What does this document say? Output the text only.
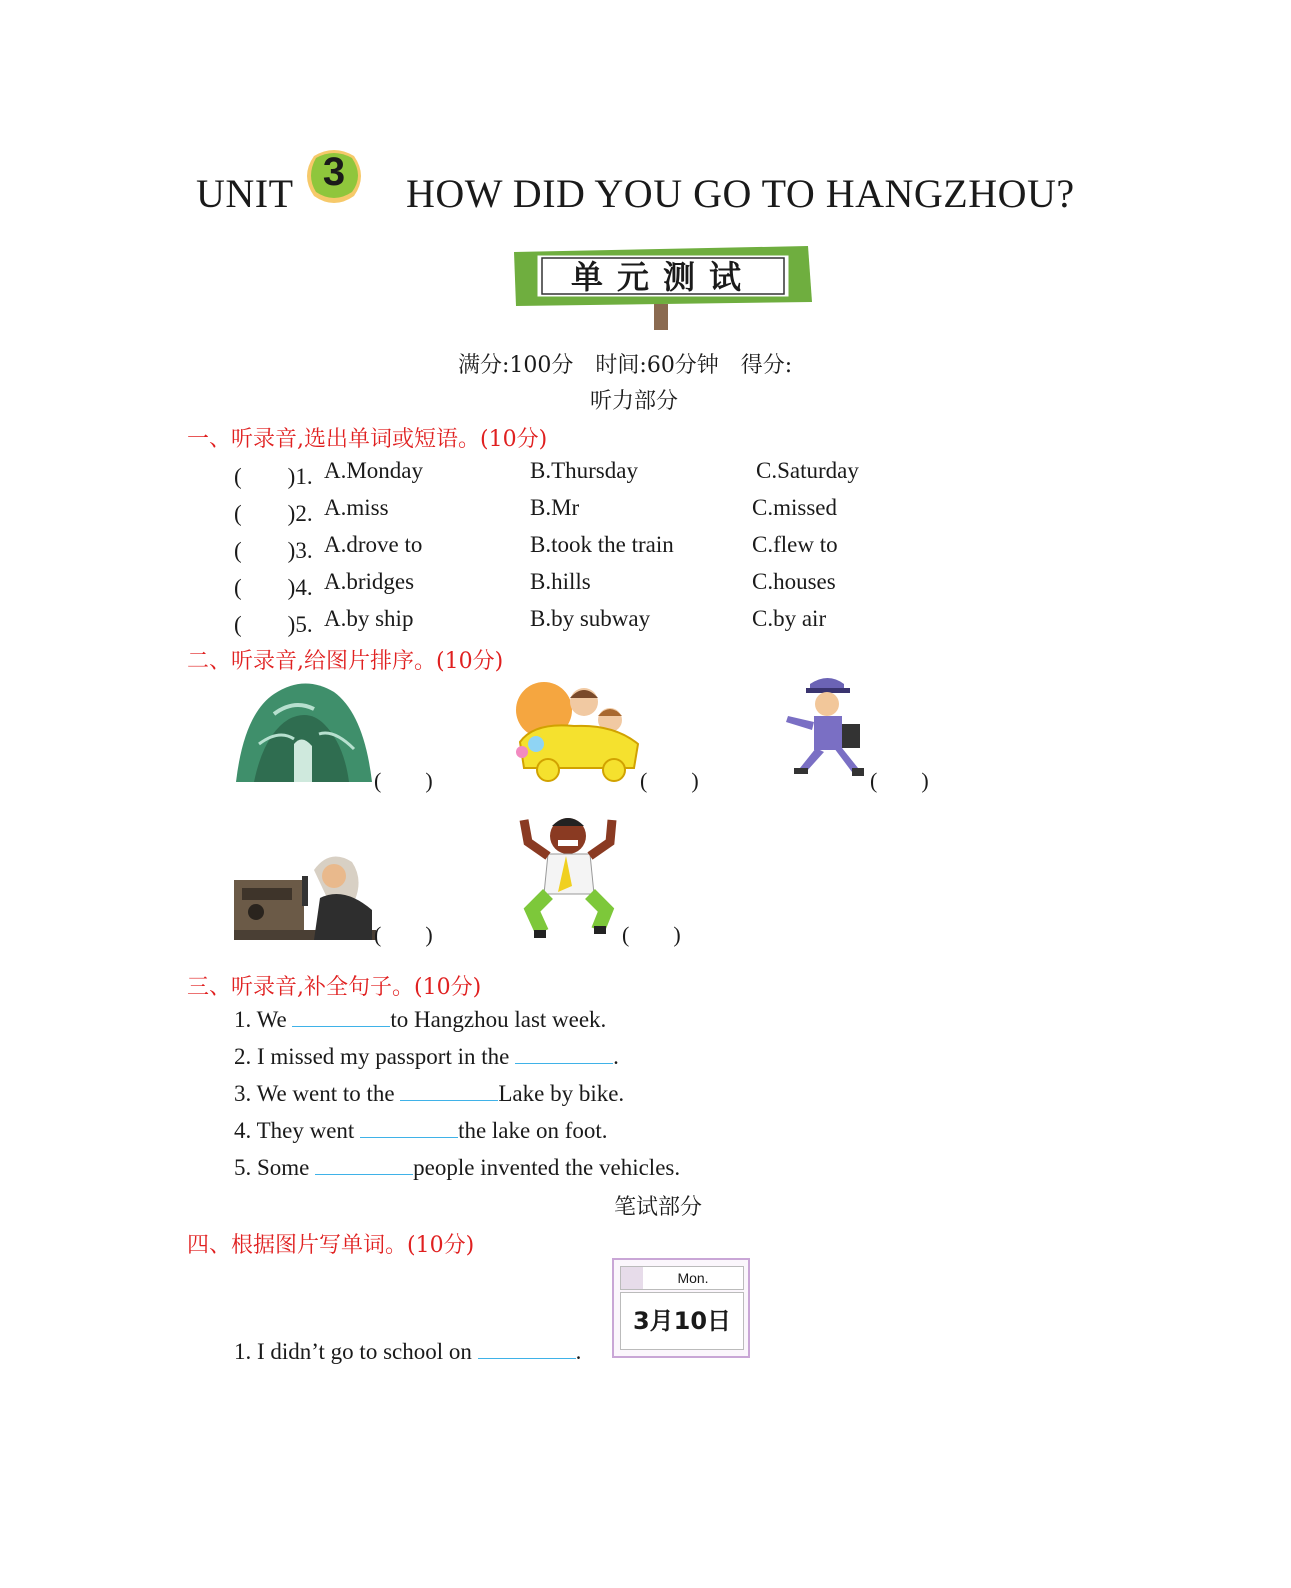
UNIT 3	HOW DID YOU GO TO HANGZHOU?
单元测试
满分:100分　时间:60分钟　得分:
听力部分
一、听录音,选出单词或短语。(10分)
(　　)1. A.Monday	B.Thursday	C.Saturday
(　　)2. A.miss	B.Mr	C.missed
(　　)3. A.drove to	B.took the train	C.flew to
(　　)4. A.bridges	B.hills	C.houses
(　　)5. A.by ship	B.by subway	C.by air
二、听录音,给图片排序。(10分)
(　　)	(　　)	(　　)
(　　)	(　　)
三、听录音,补全句子。(10分)
1. We	to Hangzhou last week.
2. I missed my passport in the	.
3. We went to the	Lake by bike.
4. They went	the lake on foot.
5. Some	people invented the vehicles.
笔试部分
四、根据图片写单词。(10分)
1. I didn’t go to school on	.
Mon.
3月10日
